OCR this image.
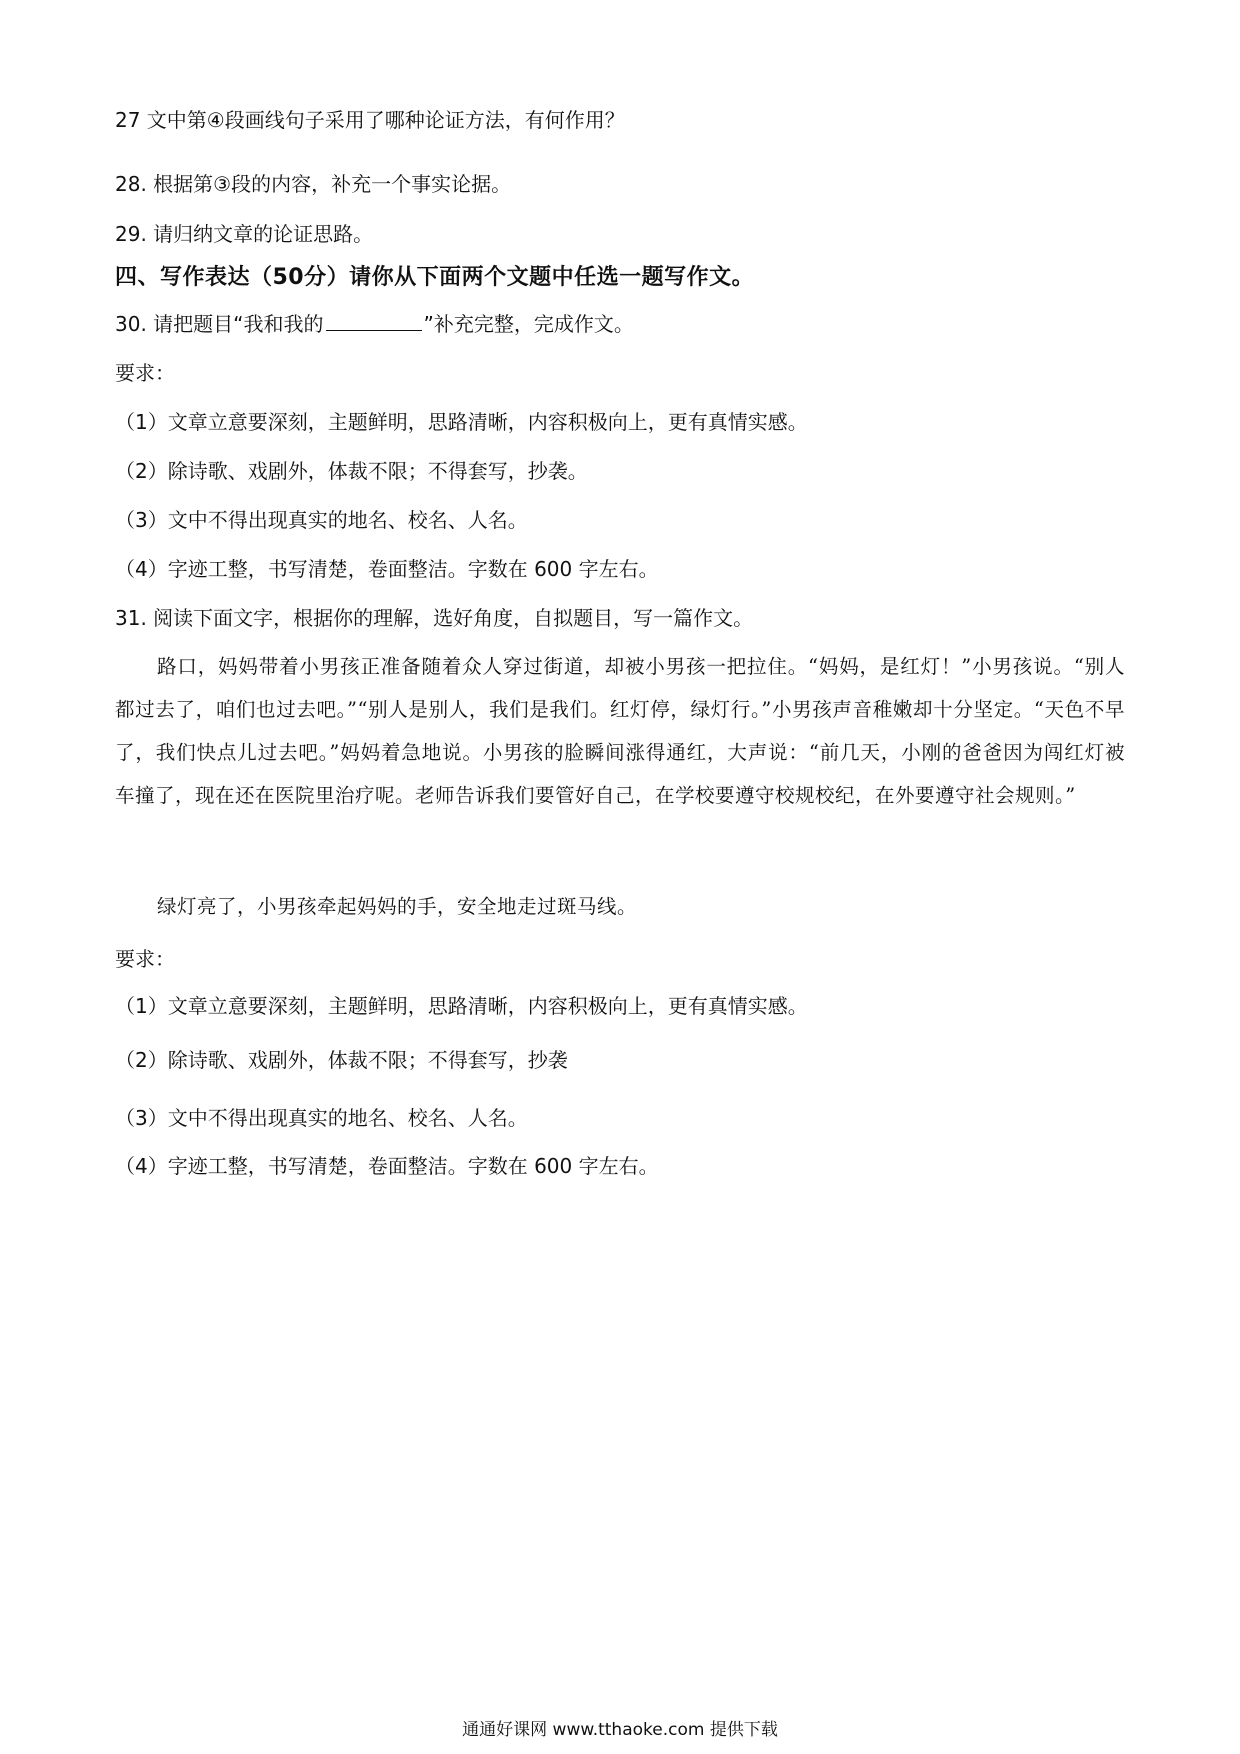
27 文中第④段画线句子采用了哪种论证方法，有何作用？
28. 根据第③段的内容，补充一个事实论据。
29. 请归纳文章的论证思路。
四、写作表达（50分）请你从下面两个文题中任选一题写作文。
30. 请把题目“我和我的	”补充完整，完成作文。
要求：
（1）文章立意要深刻，主题鲜明，思路清晰，内容积极向上，更有真情实感。
（2）除诗歌、戏剧外，体裁不限；不得套写，抄袭。
（3）文中不得出现真实的地名、校名、人名。
（4）字迹工整，书写清楚，卷面整洁。字数在 600 字左右。
31. 阅读下面文字，根据你的理解，选好角度，自拟题目，写一篇作文。
路口，妈妈带着小男孩正准备随着众人穿过街道，却被小男孩一把拉住。“妈妈，是红灯！”小男孩说。“别人都过去了，咱们也过去吧。”“别人是别人，我们是我们。红灯停，绿灯行。”小男孩声音稚嫩却十分坚定。“天色不早了，我们快点儿过去吧。”妈妈着急地说。小男孩的脸瞬间涨得通红，大声说：“前几天，小刚的爸爸因为闯红灯被车撞了，现在还在医院里治疗呢。老师告诉我们要管好自己，在学校要遵守校规校纪，在外要遵守社会规则。”
绿灯亮了，小男孩牵起妈妈的手，安全地走过斑马线。
要求：
（1）文章立意要深刻，主题鲜明，思路清晰，内容积极向上，更有真情实感。
（2）除诗歌、戏剧外，体裁不限；不得套写，抄袭
（3）文中不得出现真实的地名、校名、人名。
（4）字迹工整，书写清楚，卷面整洁。字数在 600 字左右。
通通好课网 www.tthaoke.com 提供下载
